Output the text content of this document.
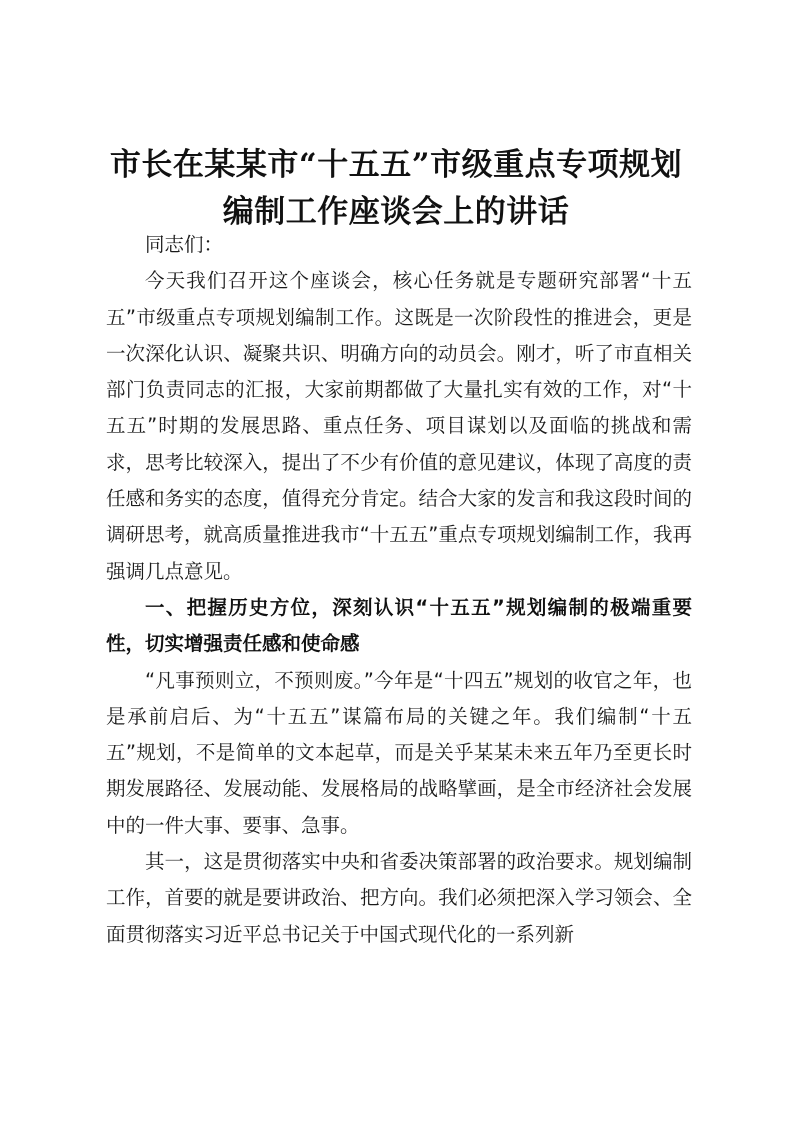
市长在某某市“十五五”市级重点专项规划编制工作座谈会上的讲话

同志们：

今天我们召开这个座谈会，核心任务就是专题研究部署“十五五”市级重点专项规划编制工作。这既是一次阶段性的推进会，更是一次深化认识、凝聚共识、明确方向的动员会。刚才，听了市直相关部门负责同志的汇报，大家前期都做了大量扎实有效的工作，对“十五五”时期的发展思路、重点任务、项目谋划以及面临的挑战和需求，思考比较深入，提出了不少有价值的意见建议，体现了高度的责任感和务实的态度，值得充分肯定。结合大家的发言和我这段时间的调研思考，就高质量推进我市“十五五”重点专项规划编制工作，我再强调几点意见。

一、把握历史方位，深刻认识“十五五”规划编制的极端重要性，切实增强责任感和使命感

“凡事预则立，不预则废。”今年是“十四五”规划的收官之年，也是承前启后、为“十五五”谋篇布局的关键之年。我们编制“十五五”规划，不是简单的文本起草，而是关乎某某未来五年乃至更长时期发展路径、发展动能、发展格局的战略擘画，是全市经济社会发展中的一件大事、要事、急事。

其一，这是贯彻落实中央和省委决策部署的政治要求。规划编制工作，首要的就是要讲政治、把方向。我们必须把深入学习领会、全面贯彻落实习近平总书记关于中国式现代化的一系列新
